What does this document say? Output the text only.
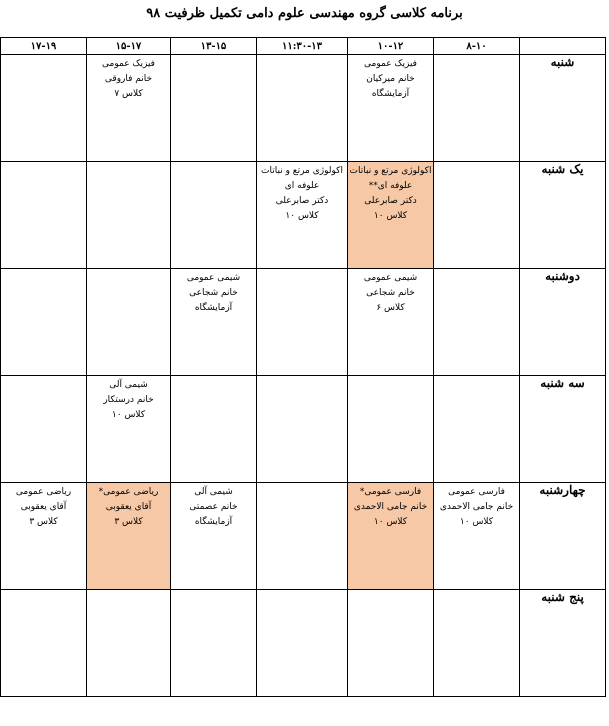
برنامه کلاسی گروه مهندسی علوم دامی تکمیل ظرفیت ۹۸
	۸-۱۰	۱۰-۱۲	۱۱:۳۰-۱۳	۱۳-۱۵	۱۵-۱۷	۱۷-۱۹
شنبه		فیزیک عمومی
خانم میرکیان
آزمایشگاه			فیزیک عمومی
خانم فاروقی
کلاس ۷	

یک شنبه		اکولوژی مرتع و نباتات
علوفه ای**
دکتر صابرعلی
کلاس ۱۰	اکولوژی مرتع و نباتات
علوفه ای
دکتر صابرعلی
کلاس ۱۰			

دوشنبه		شیمی عمومی
خانم شجاعی
کلاس ۶		شیمی عمومی
خانم شجاعی
آزمایشگاه		

سه شنبه					شیمی آلی
خانم درستکار
کلاس ۱۰	

چهارشنبه	فارسی عمومی
خانم جامی الاحمدی
کلاس ۱۰	فارسی عمومی*
خانم جامی الاحمدی
کلاس ۱۰		شیمی آلی
خانم عصمتی
آزمایشگاه	ریاضی عمومی*
آقای یعقوبی
کلاس ۳	ریاضی عمومی
آقای یعقوبی
کلاس ۳

پنج شنبه	
